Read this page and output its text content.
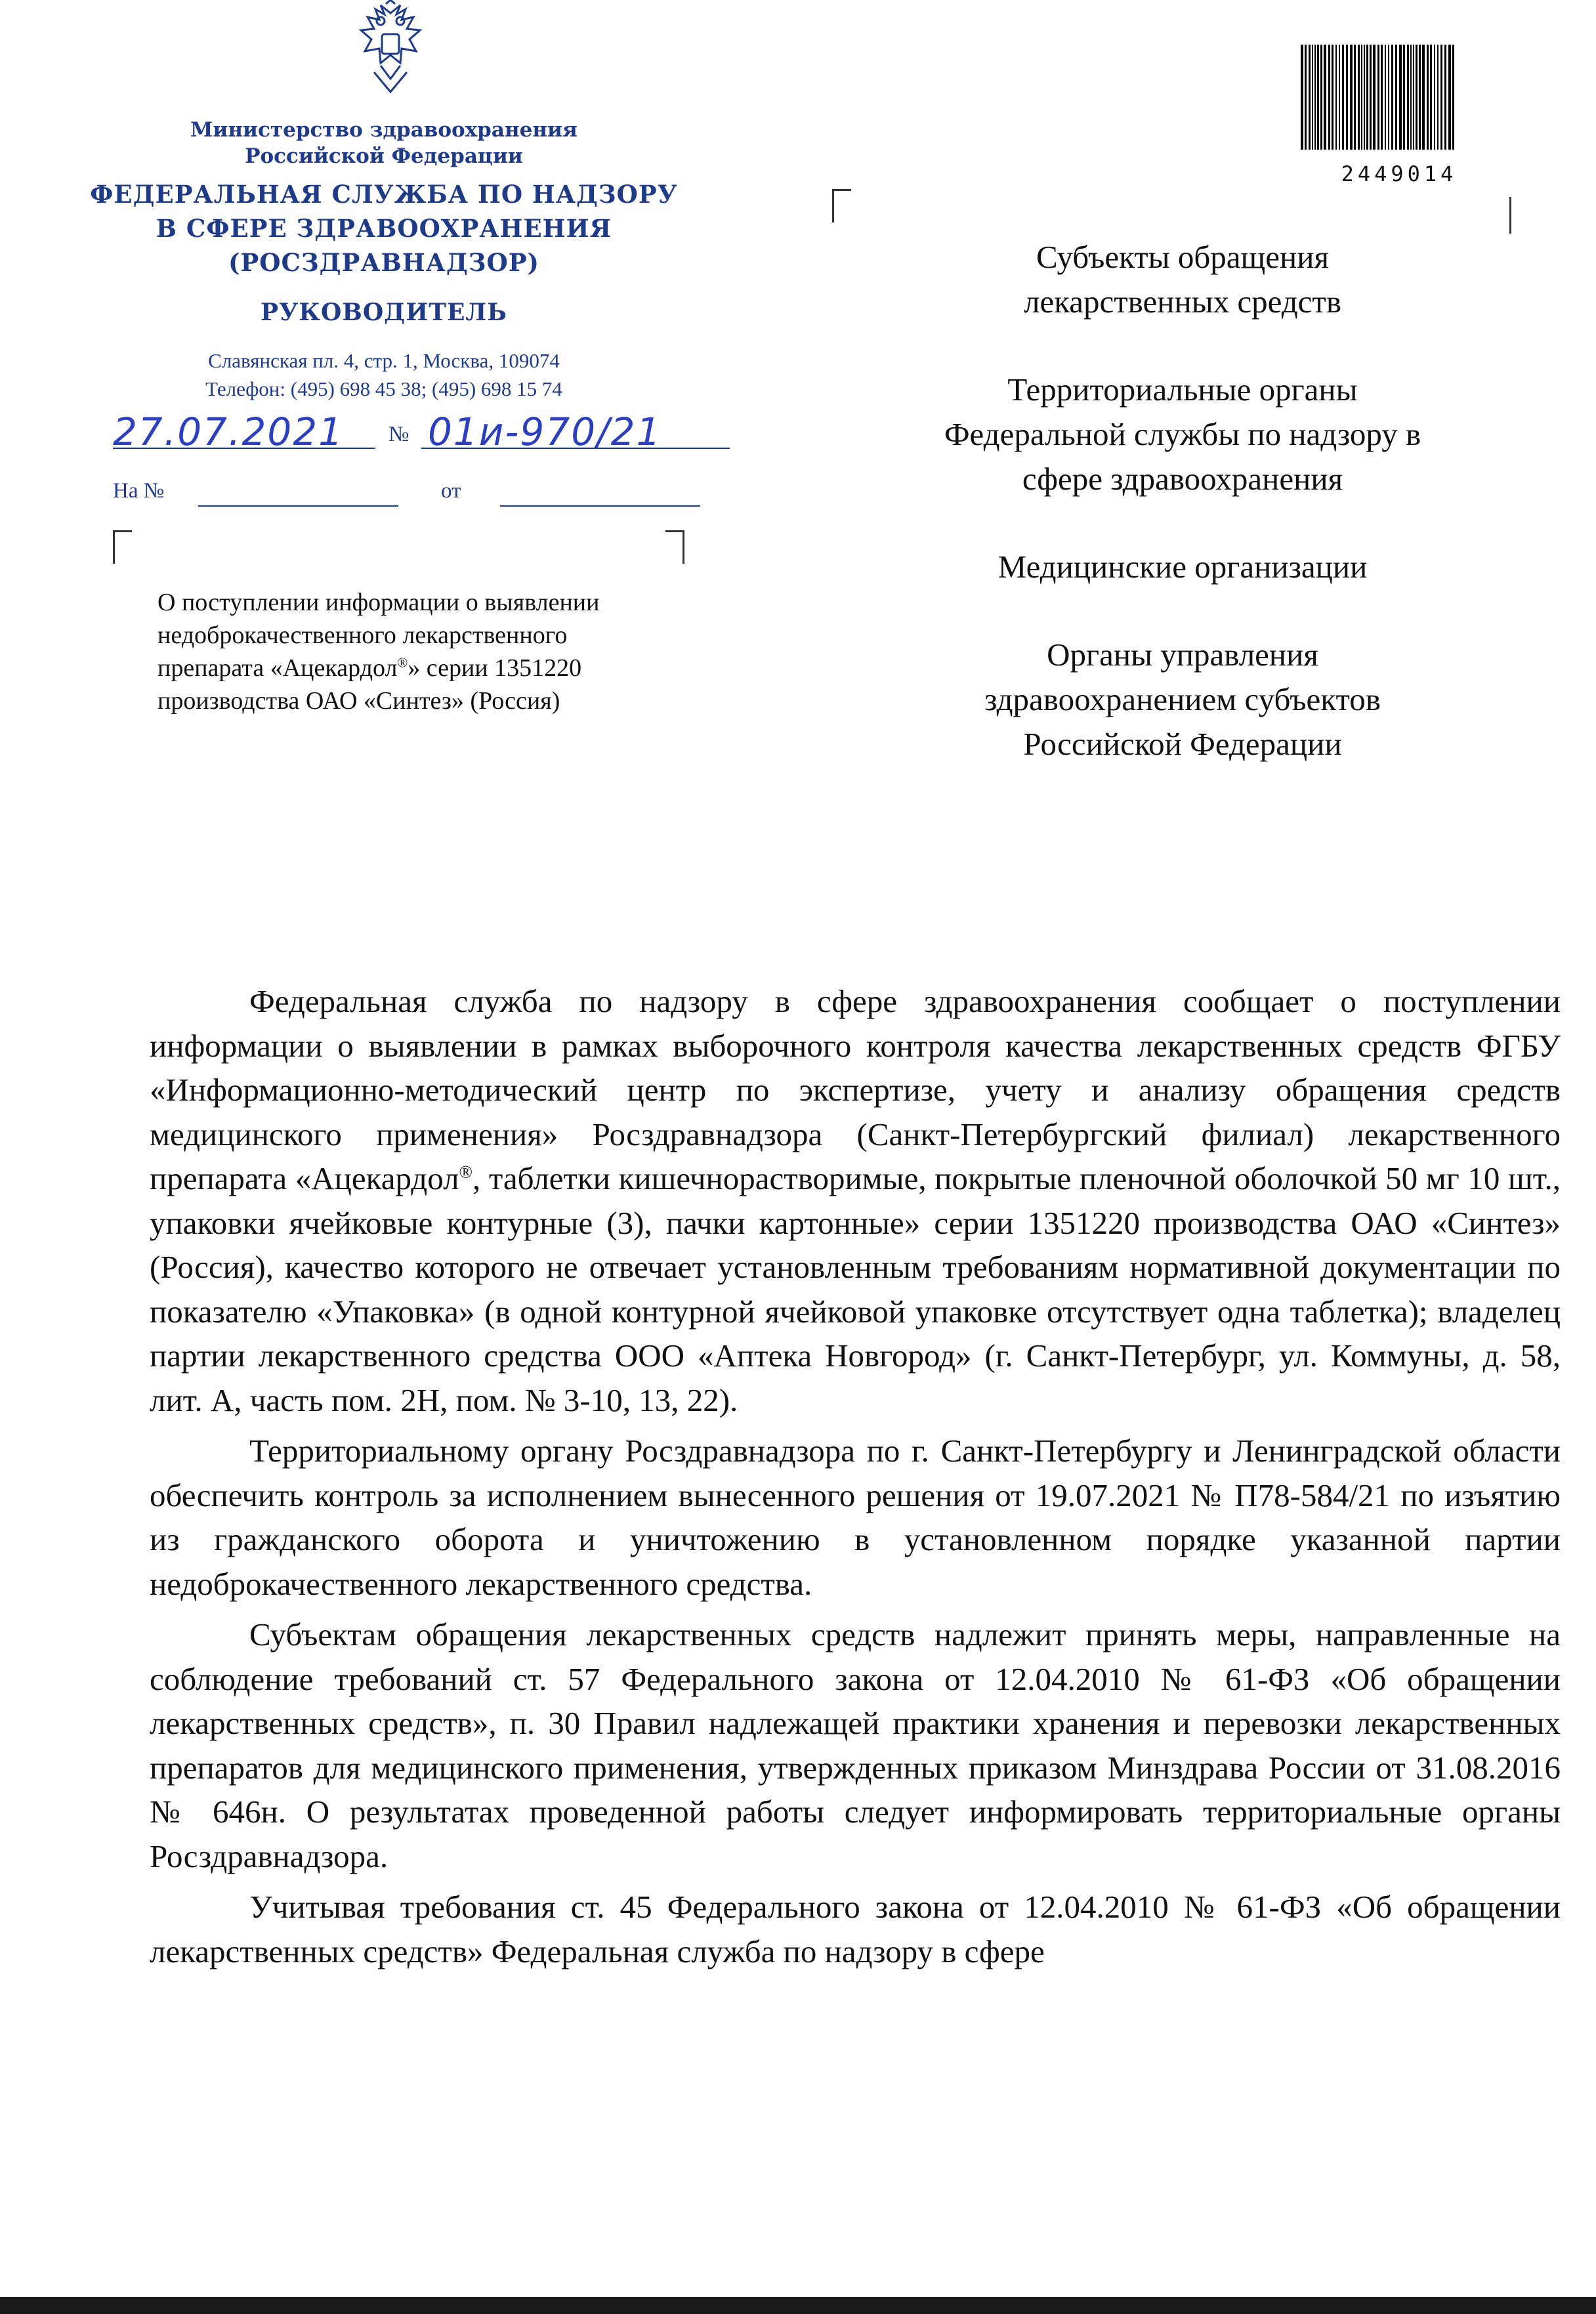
Министерство здравоохранения
Российской Федерации
ФЕДЕРАЛЬНАЯ СЛУЖБА ПО НАДЗОРУ
В СФЕРЕ ЗДРАВООХРАНЕНИЯ
(РОСЗДРАВНАДЗОР)
РУКОВОДИТЕЛЬ
Славянская пл. 4, стр. 1, Москва, 109074
Телефон: (495) 698 45 38; (495) 698 15 74
27.07.2021 № 01и-970/21
На №	от
О поступлении информации о выявлении
недоброкачественного лекарственного
препарата «Ацекардол®» серии 1351220
производства ОАО «Синтез» (Россия)
2449014
Субъекты обращения
лекарственных средств
Территориальные органы
Федеральной службы по надзору в
сфере здравоохранения
Медицинские организации
Органы управления
здравоохранением субъектов
Российской Федерации

Федеральная служба по надзору в сфере здравоохранения сообщает о поступлении информации о выявлении в рамках выборочного контроля качества лекарственных средств ФГБУ «Информационно-методический центр по экспертизе, учету и анализу обращения средств медицинского применения» Росздравнадзора (Санкт-Петербургский филиал) лекарственного препарата «Ацекардол®, таблетки кишечнорастворимые, покрытые пленочной оболочкой 50 мг 10 шт., упаковки ячейковые контурные (3), пачки картонные» серии 1351220 производства ОАО «Синтез» (Россия), качество которого не отвечает установленным требованиям нормативной документации по показателю «Упаковка» (в одной контурной ячейковой упаковке отсутствует одна таблетка); владелец партии лекарственного средства ООО «Аптека Новгород» (г. Санкт-Петербург, ул. Коммуны, д. 58, лит. А, часть пом. 2Н, пом. № 3-10, 13, 22).

Территориальному органу Росздравнадзора по г. Санкт-Петербургу и Ленинградской области обеспечить контроль за исполнением вынесенного решения от 19.07.2021 № П78-584/21 по изъятию из гражданского оборота и уничтожению в установленном порядке указанной партии недоброкачественного лекарственного средства.

Субъектам обращения лекарственных средств надлежит принять меры, направленные на соблюдение требований ст. 57 Федерального закона от 12.04.2010 № 61-ФЗ «Об обращении лекарственных средств», п. 30 Правил надлежащей практики хранения и перевозки лекарственных препаратов для медицинского применения, утвержденных приказом Минздрава России от 31.08.2016 № 646н. О результатах проведенной работы следует информировать территориальные органы Росздравнадзора.

Учитывая требования ст. 45 Федерального закона от 12.04.2010 № 61-ФЗ «Об обращении лекарственных средств» Федеральная служба по надзору в сфере
